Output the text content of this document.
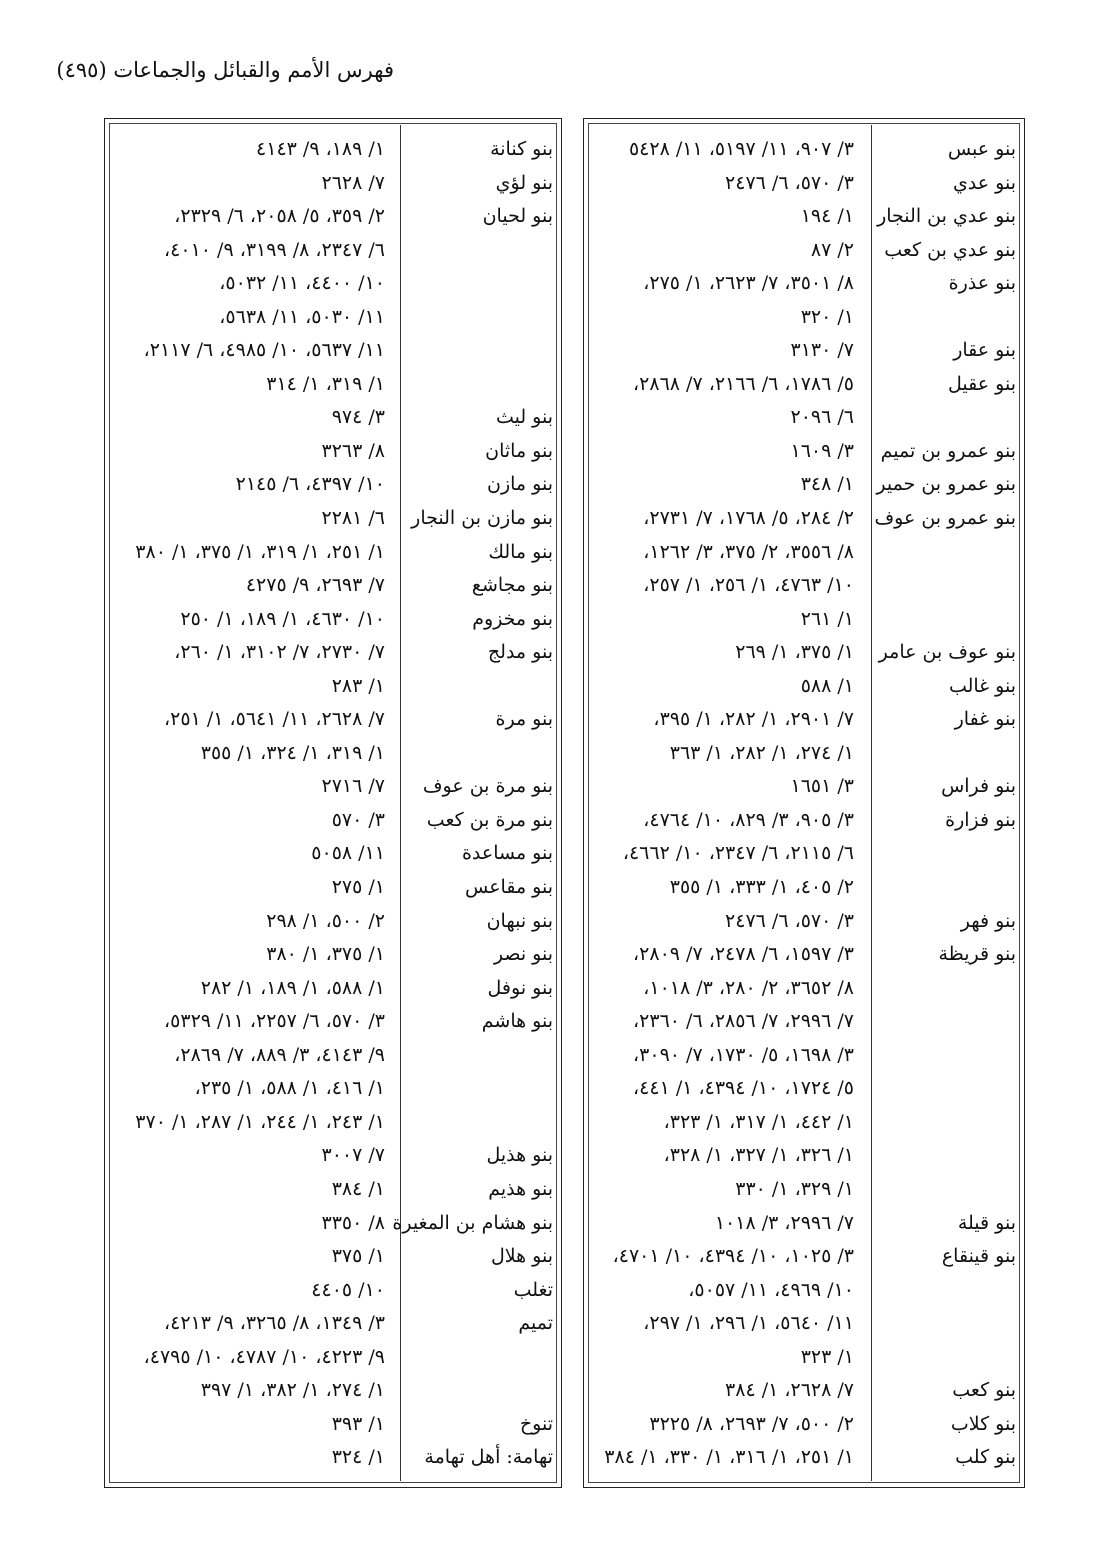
فهرس الأمم والقبائل والجماعات (٤٩٥)
بنو عبس
٣/ ٩٠٧، ١١/ ٥١٩٧، ١١/ ٥٤٢٨
بنو عدي
٣/ ٥٧٠، ٦/ ٢٤٧٦
بنو عدي بن النجار
١/ ١٩٤
بنو عدي بن كعب
٢/ ٨٧
بنو عذرة
٨/ ٣٥٠١، ٧/ ٢٦٢٣، ١/ ٢٧٥،
١/ ٣٢٠
بنو عقار
٧/ ٣١٣٠
بنو عقيل
٥/ ١٧٨٦، ٦/ ٢١٦٦، ٧/ ٢٨٦٨،
٦/ ٢٠٩٦
بنو عمرو بن تميم
٣/ ١٦٠٩
بنو عمرو بن حمير
١/ ٣٤٨
بنو عمرو بن عوف
٢/ ٢٨٤، ٥/ ١٧٦٨، ٧/ ٢٧٣١،
٨/ ٣٥٥٦، ٢/ ٣٧٥، ٣/ ١٢٦٢،
١٠/ ٤٧٦٣، ١/ ٢٥٦، ١/ ٢٥٧،
١/ ٢٦١
بنو عوف بن عامر
١/ ٣٧٥، ١/ ٢٦٩
بنو غالب
١/ ٥٨٨
بنو غفار
٧/ ٢٩٠١، ١/ ٢٨٢، ١/ ٣٩٥،
١/ ٢٧٤، ١/ ٢٨٢، ١/ ٣٦٣
بنو فراس
٣/ ١٦٥١
بنو فزارة
٣/ ٩٠٥، ٣/ ٨٢٩، ١٠/ ٤٧٦٤،
٦/ ٢١١٥، ٦/ ٢٣٤٧، ١٠/ ٤٦٦٢،
٢/ ٤٠٥، ١/ ٣٣٣، ١/ ٣٥٥
بنو فهر
٣/ ٥٧٠، ٦/ ٢٤٧٦
بنو قريظة
٣/ ١٥٩٧، ٦/ ٢٤٧٨، ٧/ ٢٨٠٩،
٨/ ٣٦٥٢، ٢/ ٢٨٠، ٣/ ١٠١٨،
٧/ ٢٩٩٦، ٧/ ٢٨٥٦، ٦/ ٢٣٦٠،
٣/ ١٦٩٨، ٥/ ١٧٣٠، ٧/ ٣٠٩٠،
٥/ ١٧٢٤، ١٠/ ٤٣٩٤، ١/ ٤٤١،
١/ ٤٤٢، ١/ ٣١٧، ١/ ٣٢٣،
١/ ٣٢٦، ١/ ٣٢٧، ١/ ٣٢٨،
١/ ٣٢٩، ١/ ٣٣٠
بنو قيلة
٧/ ٢٩٩٦، ٣/ ١٠١٨
بنو قينقاع
٣/ ١٠٢٥، ١٠/ ٤٣٩٤، ١٠/ ٤٧٠١،
١٠/ ٤٩٦٩، ١١/ ٥٠٥٧،
١١/ ٥٦٤٠، ١/ ٢٩٦، ١/ ٢٩٧،
١/ ٣٢٣
بنو كعب
٧/ ٢٦٢٨، ١/ ٣٨٤
بنو كلاب
٢/ ٥٠٠، ٧/ ٢٦٩٣، ٨/ ٣٢٢٥
بنو كلب
١/ ٢٥١، ١/ ٣١٦، ١/ ٣٣٠، ١/ ٣٨٤
بنو كنانة
١/ ١٨٩، ٩/ ٤١٤٣
بنو لؤي
٧/ ٢٦٢٨
بنو لحيان
٢/ ٣٥٩، ٥/ ٢٠٥٨، ٦/ ٢٣٢٩،
٦/ ٢٣٤٧، ٨/ ٣١٩٩، ٩/ ٤٠١٠،
١٠/ ٤٤٠٠، ١١/ ٥٠٣٢،
١١/ ٥٠٣٠، ١١/ ٥٦٣٨،
١١/ ٥٦٣٧، ١٠/ ٤٩٨٥، ٦/ ٢١١٧،
١/ ٣١٩، ١/ ٣١٤
بنو ليث
٣/ ٩٧٤
بنو ماثان
٨/ ٣٢٦٣
بنو مازن
١٠/ ٤٣٩٧، ٦/ ٢١٤٥
بنو مازن بن النجار
٦/ ٢٢٨١
بنو مالك
١/ ٢٥١، ١/ ٣١٩، ١/ ٣٧٥، ١/ ٣٨٠
بنو مجاشع
٧/ ٢٦٩٣، ٩/ ٤٢٧٥
بنو مخزوم
١٠/ ٤٦٣٠، ١/ ١٨٩، ١/ ٢٥٠
بنو مدلج
٧/ ٢٧٣٠، ٧/ ٣١٠٢، ١/ ٢٦٠،
١/ ٢٨٣
بنو مرة
٧/ ٢٦٢٨، ١١/ ٥٦٤١، ١/ ٢٥١،
١/ ٣١٩، ١/ ٣٢٤، ١/ ٣٥٥
بنو مرة بن عوف
٧/ ٢٧١٦
بنو مرة بن كعب
٣/ ٥٧٠
بنو مساعدة
١١/ ٥٠٥٨
بنو مقاعس
١/ ٢٧٥
بنو نبهان
٢/ ٥٠٠، ١/ ٢٩٨
بنو نصر
١/ ٣٧٥، ١/ ٣٨٠
بنو نوفل
١/ ٥٨٨، ١/ ١٨٩، ١/ ٢٨٢
بنو هاشم
٣/ ٥٧٠، ٦/ ٢٢٥٧، ١١/ ٥٣٢٩،
٩/ ٤١٤٣، ٣/ ٨٨٩، ٧/ ٢٨٦٩،
١/ ٤١٦، ١/ ٥٨٨، ١/ ٢٣٥،
١/ ٢٤٣، ١/ ٢٤٤، ١/ ٢٨٧، ١/ ٣٧٠
بنو هذيل
٧/ ٣٠٠٧
بنو هذيم
١/ ٣٨٤
بنو هشام بن المغيرة
٨/ ٣٣٥٠
بنو هلال
١/ ٣٧٥
تغلب
١٠/ ٤٤٠٥
تميم
٣/ ١٣٤٩، ٨/ ٣٢٦٥، ٩/ ٤٢١٣،
٩/ ٤٢٢٣، ١٠/ ٤٧٨٧، ١٠/ ٤٧٩٥،
١/ ٢٧٤، ١/ ٣٨٢، ١/ ٣٩٧
تنوخ
١/ ٣٩٣
تهامة: أهل تهامة
١/ ٣٢٤
